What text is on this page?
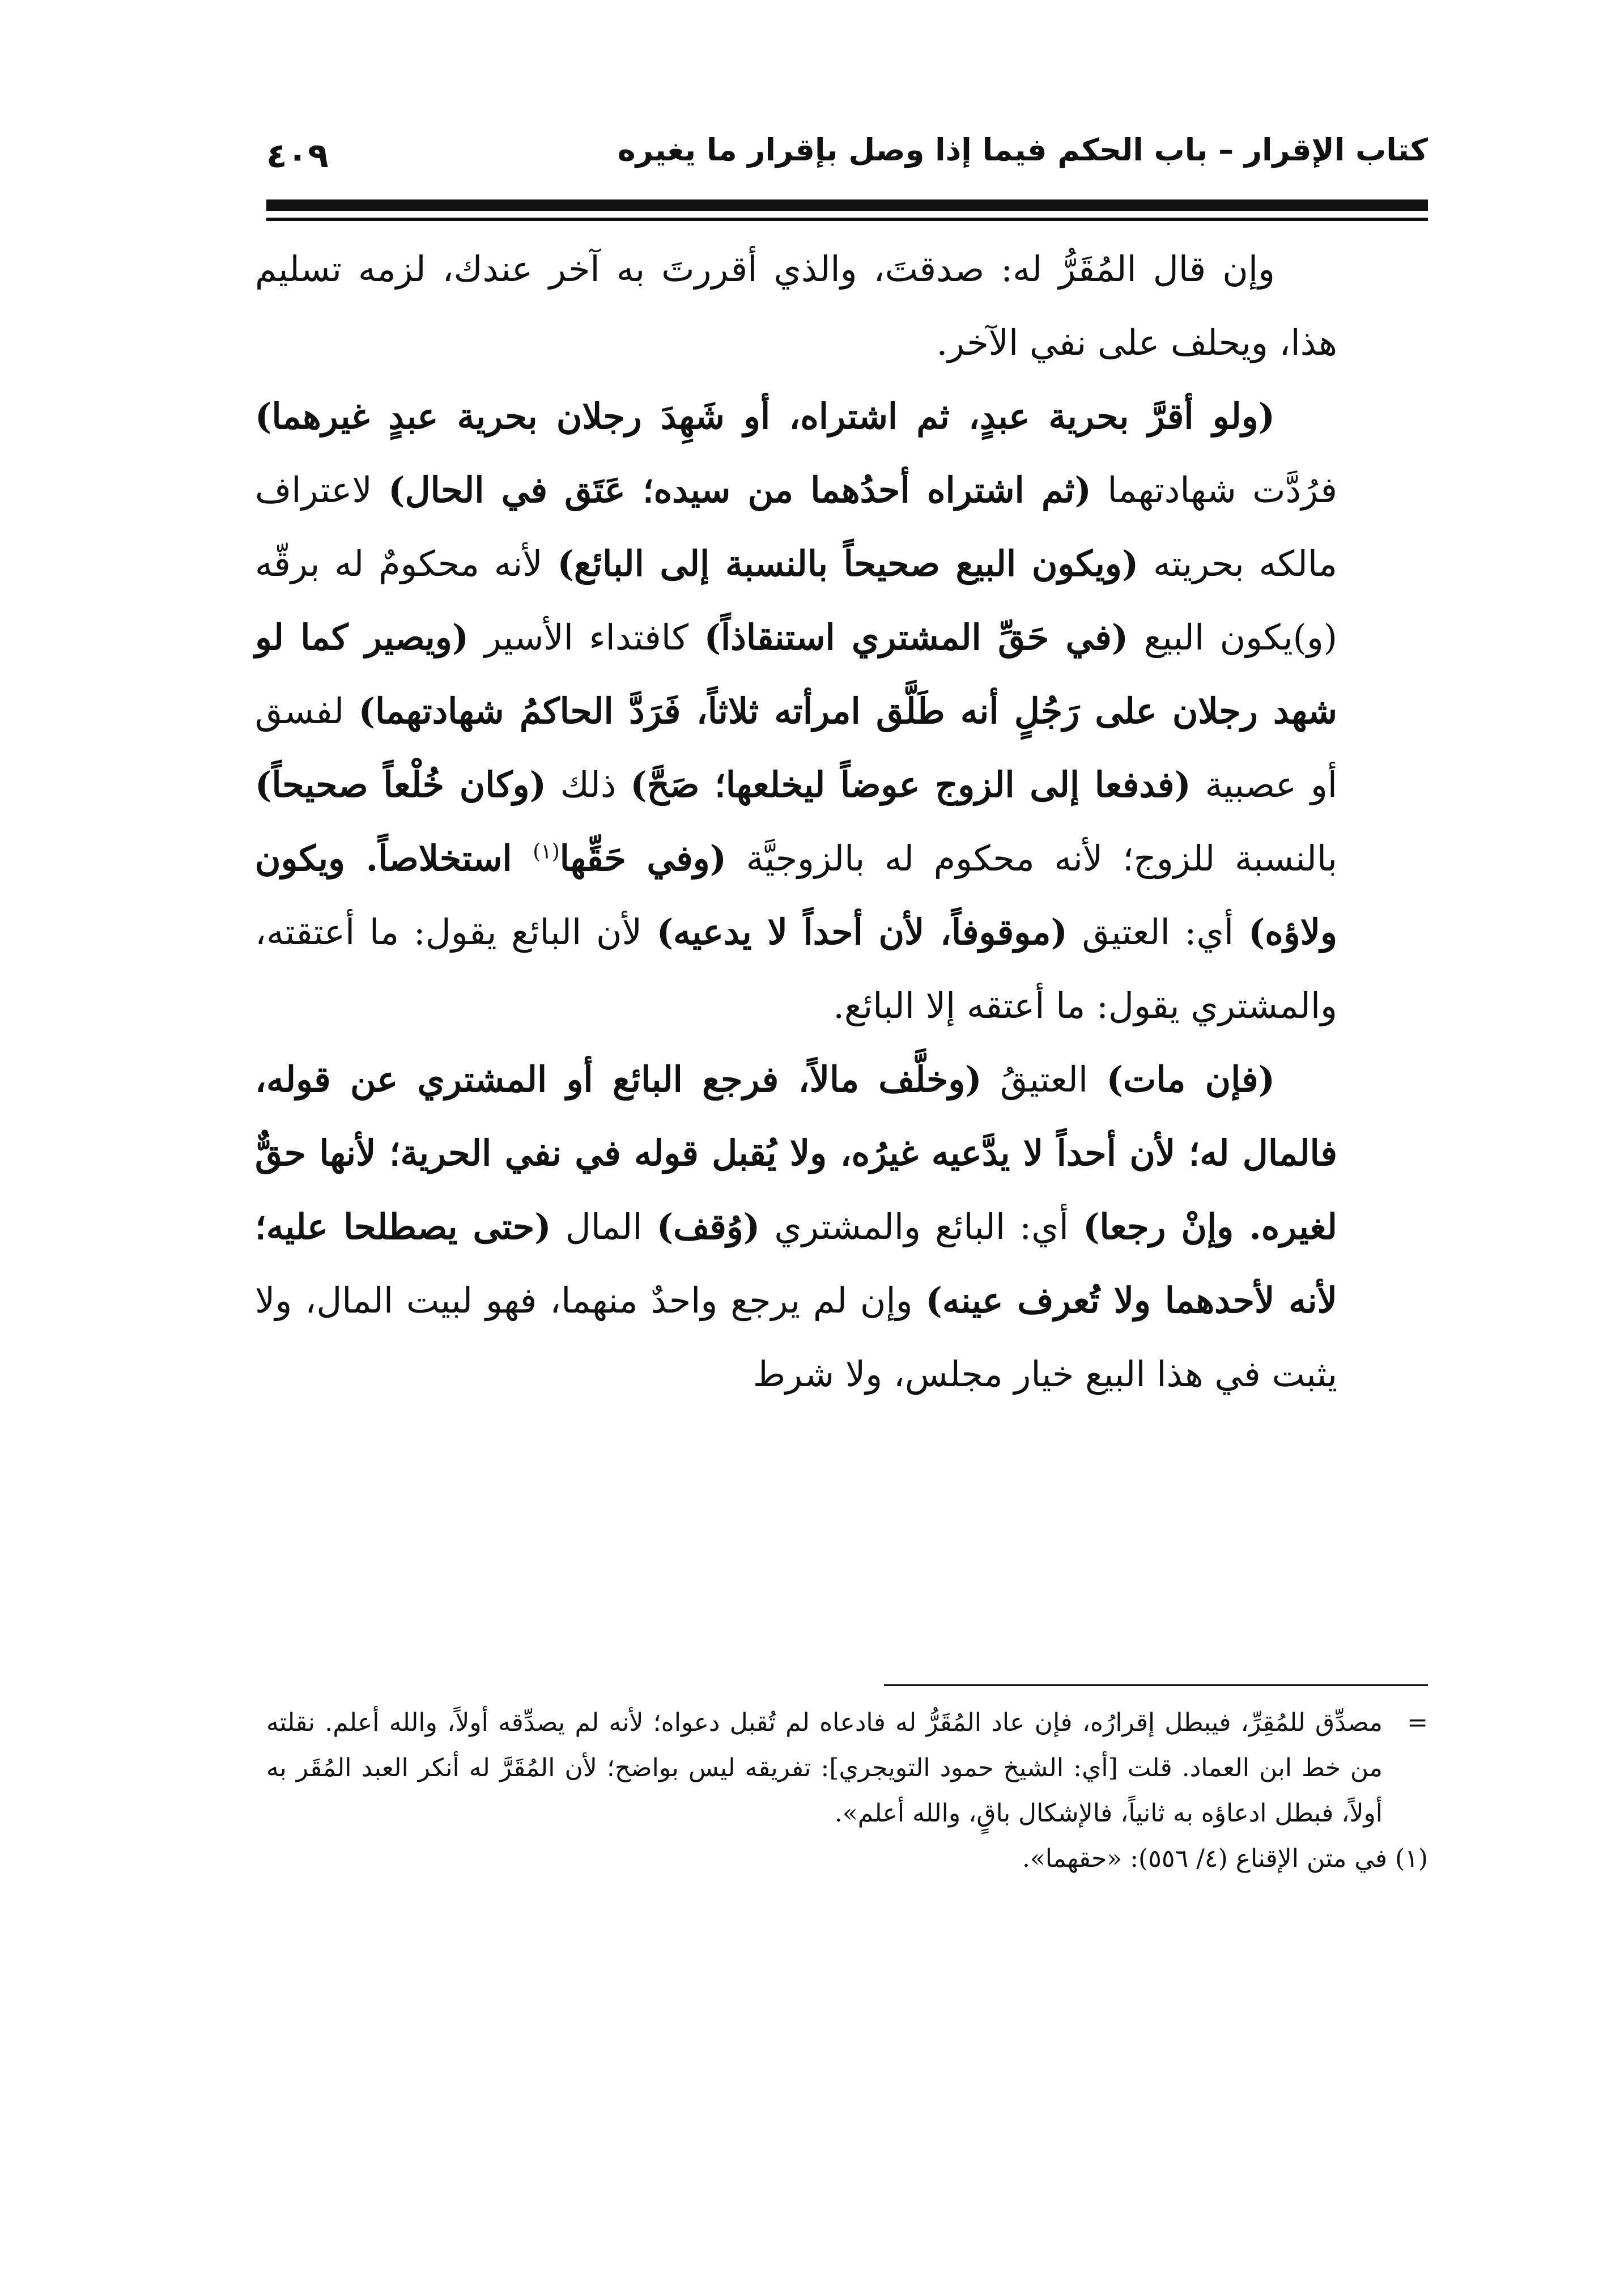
كتاب الإقرار – باب الحكم فيما إذا وصل بإقرار ما يغيره
٤٠٩

وإن قال المُقَرُّ له: صدقتَ، والذي أقررتَ به آخر عندك، لزمه تسليم هذا، ويحلف على نفي الآخر.

(ولو أقرَّ بحرية عبدٍ، ثم اشتراه، أو شَهِدَ رجلان بحرية عبدٍ غيرهما) فرُدَّت شهادتهما (ثم اشتراه أحدُهما من سيده؛ عَتَق في الحال) لاعتراف مالكه بحريته (ويكون البيع صحيحاً بالنسبة إلى البائع) لأنه محكومٌ له برقّه (و)يكون البيع (في حَقِّ المشتري استنقاذاً) كافتداء الأسير (ويصير كما لو شهد رجلان على رَجُلٍ أنه طَلَّق امرأته ثلاثاً، فَرَدَّ الحاكمُ شهادتهما) لفسق أو عصبية (فدفعا إلى الزوج عوضاً ليخلعها؛ صَحَّ) ذلك (وكان خُلْعاً صحيحاً) بالنسبة للزوج؛ لأنه محكوم له بالزوجيَّة (وفي حَقِّها$^{(١)}$ استخلاصاً. ويكون ولاؤه) أي: العتيق (موقوفاً، لأن أحداً لا يدعيه) لأن البائع يقول: ما أعتقته، والمشتري يقول: ما أعتقه إلا البائع.

(فإن مات) العتيقُ (وخلَّف مالاً، فرجع البائع أو المشتري عن قوله، فالمال له؛ لأن أحداً لا يدَّعيه غيرُه، ولا يُقبل قوله في نفي الحرية؛ لأنها حقٌّ لغيره. وإنْ رجعا) أي: البائع والمشتري (وُقف) المال (حتى يصطلحا عليه؛ لأنه لأحدهما ولا تُعرف عينه) وإن لم يرجع واحدٌ منهما، فهو لبيت المال، ولا يثبت في هذا البيع خيار مجلس، ولا شرط

=
مصدِّق للمُقِرِّ، فيبطل إقرارُه، فإن عاد المُقَرُّ له فادعاه لم تُقبل دعواه؛ لأنه لم يصدِّقه أولاً، والله أعلم. نقلته من خط ابن العماد. قلت [أي: الشيخ حمود التويجري]: تفريقه ليس بواضح؛ لأن المُقَرَّ له أنكر العبد المُقَر به أولاً، فبطل ادعاؤه به ثانياً، فالإشكال باقٍ، والله أعلم».

(١) في متن الإقناع (٤/ ٥٥٦): «حقهما».
